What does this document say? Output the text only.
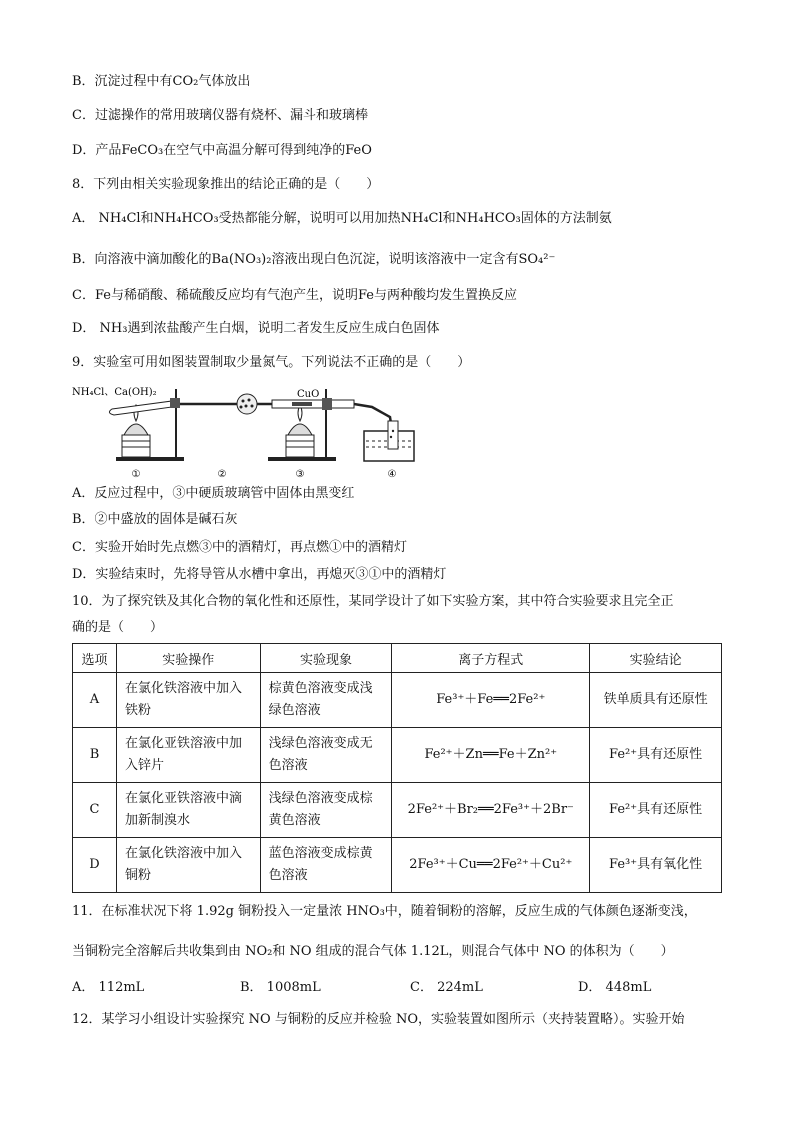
B．沉淀过程中有CO₂气体放出
C．过滤操作的常用玻璃仪器有烧杯、漏斗和玻璃棒
D．产品FeCO₃在空气中高温分解可得到纯净的FeO
8．下列由相关实验现象推出的结论正确的是（　　）
A． NH₄Cl和NH₄HCO₃受热都能分解，说明可以用加热NH₄Cl和NH₄HCO₃固体的方法制氨
B．向溶液中滴加酸化的Ba(NO₃)₂溶液出现白色沉淀，说明该溶液中一定含有SO₄²⁻
C．Fe与稀硝酸、稀硫酸反应均有气泡产生，说明Fe与两种酸均发生置换反应
D． NH₃遇到浓盐酸产生白烟，说明二者发生反应生成白色固体
9．实验室可用如图装置制取少量氮气。下列说法不正确的是（　　）
NH₄Cl、Ca(OH)₂	CuO
①	②	③	④
A．反应过程中，③中硬质玻璃管中固体由黑变红
B．②中盛放的固体是碱石灰
C．实验开始时先点燃③中的酒精灯，再点燃①中的酒精灯
D．实验结束时，先将导管从水槽中拿出，再熄灭③①中的酒精灯
10．为了探究铁及其化合物的氧化性和还原性，某同学设计了如下实验方案，其中符合实验要求且完全正
确的是（　　）
选项	实验操作	实验现象	离子方程式	实验结论
A	在氯化铁溶液中加入铁粉	棕黄色溶液变成浅绿色溶液	Fe³⁺＋Fe══2Fe²⁺	铁单质具有还原性
B	在氯化亚铁溶液中加入锌片	浅绿色溶液变成无色溶液	Fe²⁺＋Zn══Fe＋Zn²⁺	Fe²⁺具有还原性
C	在氯化亚铁溶液中滴加新制溴水	浅绿色溶液变成棕黄色溶液	2Fe²⁺＋Br₂══2Fe³⁺＋2Br⁻	Fe²⁺具有还原性
D	在氯化铁溶液中加入铜粉	蓝色溶液变成棕黄色溶液	2Fe³⁺＋Cu══2Fe²⁺＋Cu²⁺	Fe³⁺具有氧化性
11．在标准状况下将 1.92g 铜粉投入一定量浓 HNO₃中，随着铜粉的溶解，反应生成的气体颜色逐渐变浅，
当铜粉完全溶解后共收集到由 NO₂和 NO 组成的混合气体 1.12L，则混合气体中 NO 的体积为（　　）
A． 112mL	B． 1008mL	C． 224mL	D． 448mL
12．某学习小组设计实验探究 NO 与铜粉的反应并检验 NO，实验装置如图所示（夹持装置略）。实验开始
